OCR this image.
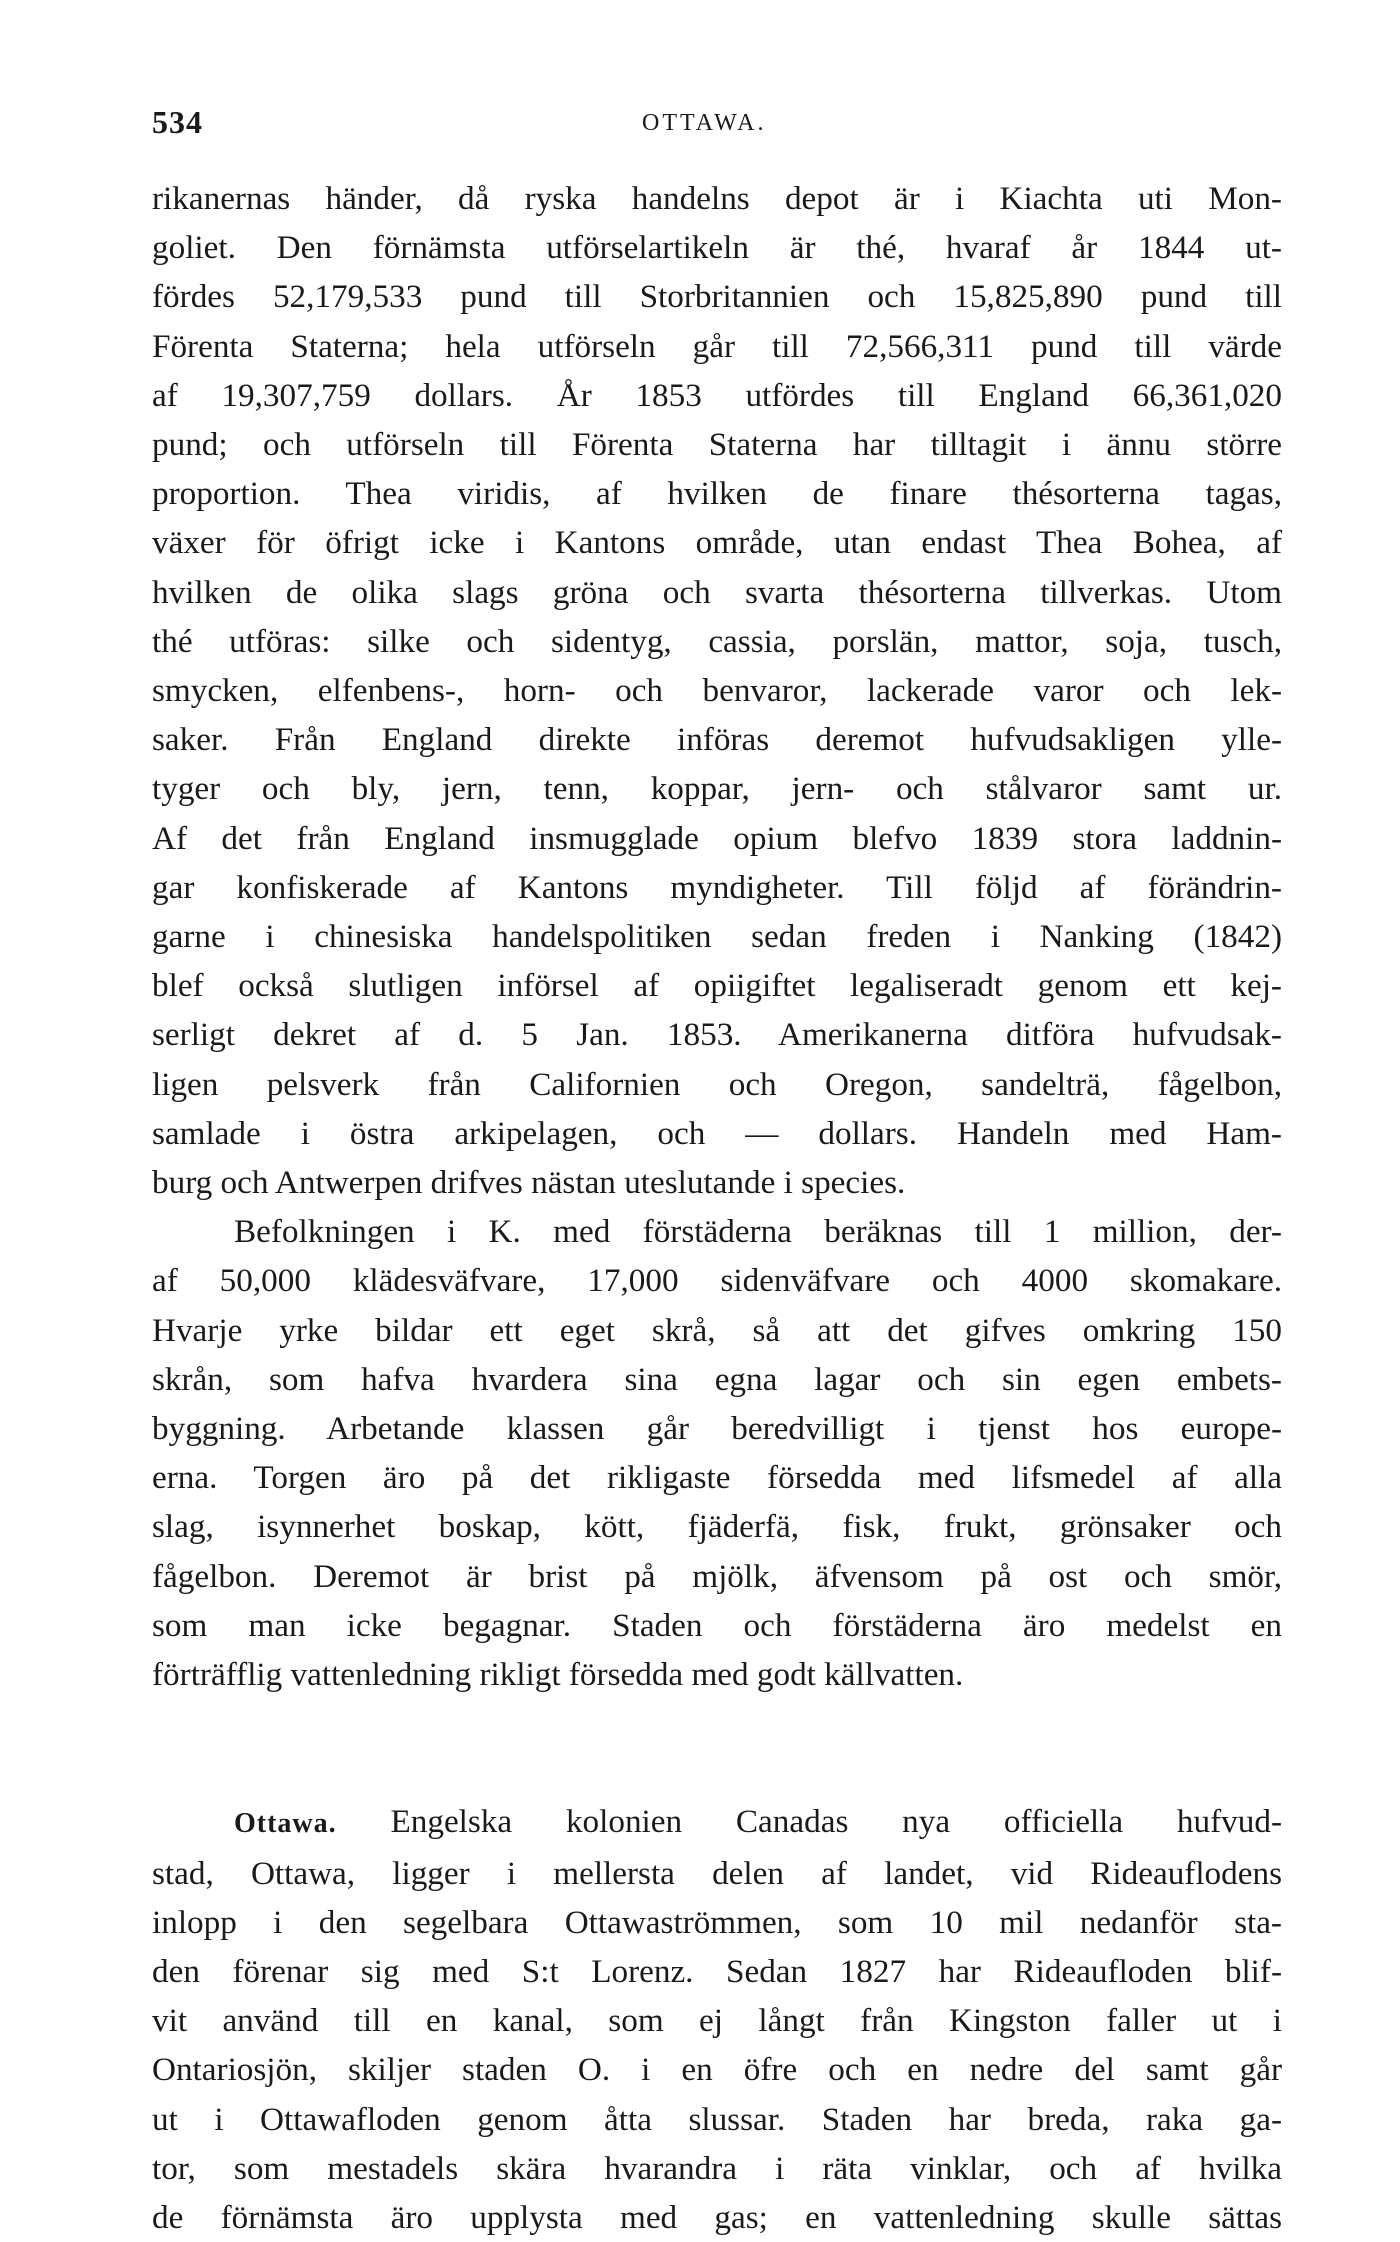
534	OTTAWA.
rikanernas händer, då ryska handelns depot är i Kiachta uti Mon-
goliet. Den förnämsta utförselartikeln är thé, hvaraf år 1844 ut-
fördes 52,179,533 pund till Storbritannien och 15,825,890 pund till
Förenta Staterna; hela utförseln går till 72,566,311 pund till värde
af 19,307,759 dollars. År 1853 utfördes till England 66,361,020
pund; och utförseln till Förenta Staterna har tilltagit i ännu större
proportion. Thea viridis, af hvilken de finare thésorterna tagas,
växer för öfrigt icke i Kantons område, utan endast Thea Bohea, af
hvilken de olika slags gröna och svarta thésorterna tillverkas. Utom
thé utföras: silke och sidentyg, cassia, porslän, mattor, soja, tusch,
smycken, elfenbens-, horn- och benvaror, lackerade varor och lek-
saker. Från England direkte införas deremot hufvudsakligen ylle-
tyger och bly, jern, tenn, koppar, jern- och stålvaror samt ur.
Af det från England insmugglade opium blefvo 1839 stora laddnin-
gar konfiskerade af Kantons myndigheter. Till följd af förändrin-
garne i chinesiska handelspolitiken sedan freden i Nanking (1842)
blef också slutligen införsel af opiigiftet legaliseradt genom ett kej-
serligt dekret af d. 5 Jan. 1853. Amerikanerna ditföra hufvudsak-
ligen pelsverk från Californien och Oregon, sandelträ, fågelbon,
samlade i östra arkipelagen, och — dollars. Handeln med Ham-
burg och Antwerpen drifves nästan uteslutande i species.
Befolkningen i K. med förstäderna beräknas till 1 million, der-
af 50,000 klädesväfvare, 17,000 sidenväfvare och 4000 skomakare.
Hvarje yrke bildar ett eget skrå, så att det gifves omkring 150
skrån, som hafva hvardera sina egna lagar och sin egen embets-
byggning. Arbetande klassen går beredvilligt i tjenst hos europe-
erna. Torgen äro på det rikligaste försedda med lifsmedel af alla
slag, isynnerhet boskap, kött, fjäderfä, fisk, frukt, grönsaker och
fågelbon. Deremot är brist på mjölk, äfvensom på ost och smör,
som man icke begagnar. Staden och förstäderna äro medelst en
förträfflig vattenledning rikligt försedda med godt källvatten.
Ottawa. Engelska kolonien Canadas nya officiella hufvud-
stad, Ottawa, ligger i mellersta delen af landet, vid Rideauflodens
inlopp i den segelbara Ottawaströmmen, som 10 mil nedanför sta-
den förenar sig med S:t Lorenz. Sedan 1827 har Rideaufloden blif-
vit använd till en kanal, som ej långt från Kingston faller ut i
Ontariosjön, skiljer staden O. i en öfre och en nedre del samt går
ut i Ottawafloden genom åtta slussar. Staden har breda, raka ga-
tor, som mestadels skära hvarandra i räta vinklar, och af hvilka
de förnämsta äro upplysta med gas; en vattenledning skulle sättas
